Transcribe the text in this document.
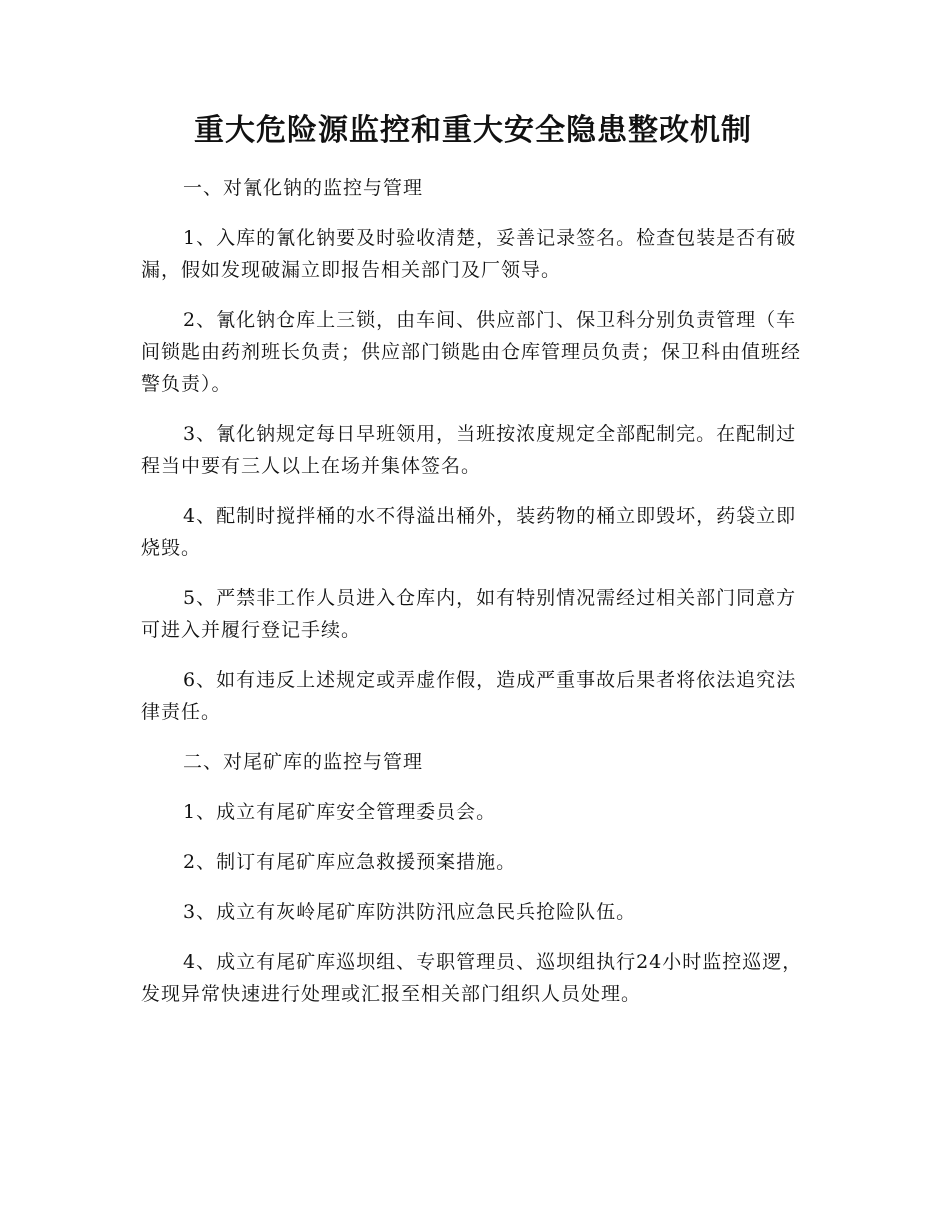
重大危险源监控和重大安全隐患整改机制

一、对氰化钠的监控与管理

1、入库的氰化钠要及时验收清楚，妥善记录签名。检查包装是否有破漏，假如发现破漏立即报告相关部门及厂领导。

2、氰化钠仓库上三锁，由车间、供应部门、保卫科分别负责管理（车间锁匙由药剂班长负责；供应部门锁匙由仓库管理员负责；保卫科由值班经警负责）。

3、氰化钠规定每日早班领用，当班按浓度规定全部配制完。在配制过程当中要有三人以上在场并集体签名。

4、配制时搅拌桶的水不得溢出桶外，装药物的桶立即毁坏，药袋立即烧毁。

5、严禁非工作人员进入仓库内，如有特别情况需经过相关部门同意方可进入并履行登记手续。

6、如有违反上述规定或弄虚作假，造成严重事故后果者将依法追究法律责任。

二、对尾矿库的监控与管理

1、成立有尾矿库安全管理委员会。

2、制订有尾矿库应急救援预案措施。

3、成立有灰岭尾矿库防洪防汛应急民兵抢险队伍。

4、成立有尾矿库巡坝组、专职管理员、巡坝组执行24小时监控巡逻，发现异常快速进行处理或汇报至相关部门组织人员处理。
